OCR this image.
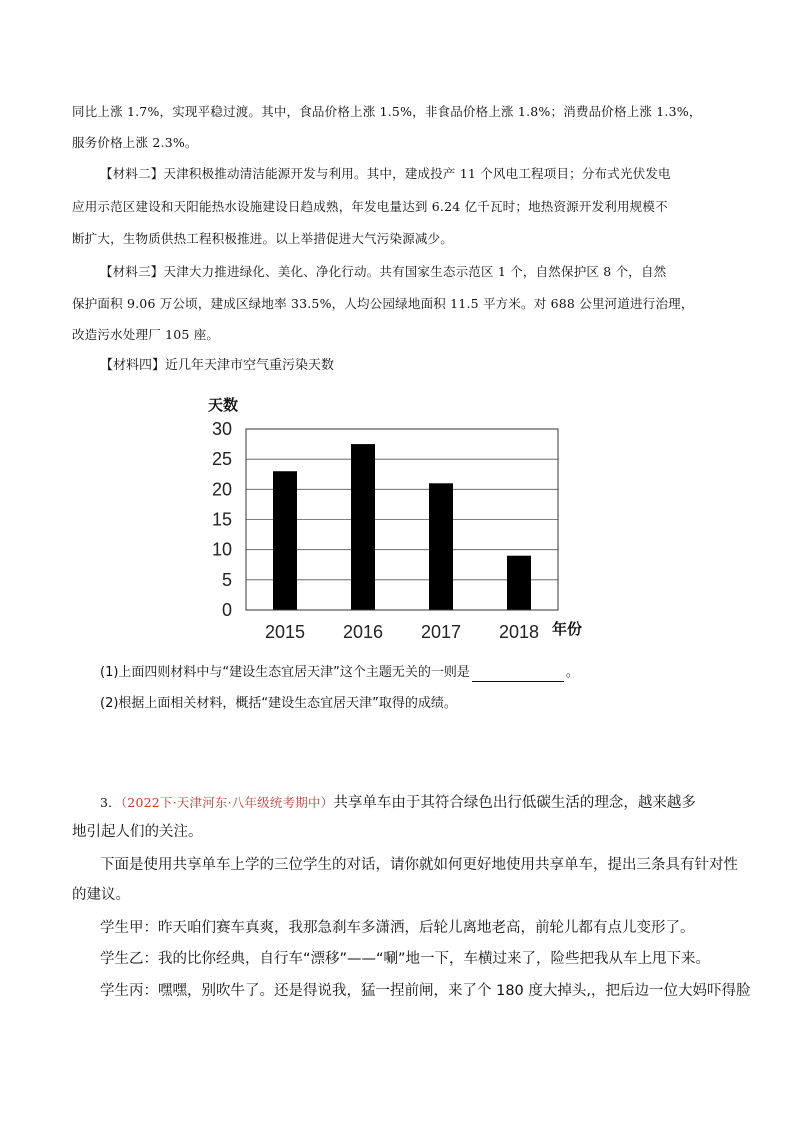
同比上涨 1.7%，实现平稳过渡。其中，食品价格上涨 1.5%，非食品价格上涨 1.8%；消费品价格上涨 1.3%，
服务价格上涨 2.3%。
【材料二】天津积极推动清洁能源开发与利用。其中，建成投产 11 个风电工程项目；分布式光伏发电
应用示范区建设和天阳能热水设施建设日趋成熟，年发电量达到 6.24 亿千瓦时；地热资源开发利用规模不
断扩大，生物质供热工程积极推进。以上举措促进大气污染源减少。
【材料三】天津大力推进绿化、美化、净化行动。共有国家生态示范区 1 个，自然保护区 8 个，自然
保护面积 9.06 万公顷，建成区绿地率 33.5%，人均公园绿地面积 11.5 平方米。对 688 公里河道进行治理，
改造污水处理厂 105 座。
【材料四】近几年天津市空气重污染天数
天数
年份
0
5
10
15
20
25
30
2015 2016 2017 2018
(1)上面四则材料中与“建设生态宜居天津”这个主题无关的一则是	。
(2)根据上面相关材料，概括“建设生态宜居天津”取得的成绩。
3．（2022下·天津河东·八年级统考期中）共享单车由于其符合绿色出行低碳生活的理念，越来越多
地引起人们的关注。
下面是使用共享单车上学的三位学生的对话，请你就如何更好地使用共享单车，提出三条具有针对性
的建议。
学生甲：昨天咱们赛车真爽，我那急刹车多潇洒，后轮儿离地老高，前轮儿都有点儿变形了。
学生乙：我的比你经典，自行车“漂移”——“唰”地一下，车横过来了，险些把我从车上甩下来。
学生丙：嘿嘿，别吹牛了。还是得说我，猛一捏前闸，来了个 180 度大掉头,，把后边一位大妈吓得脸
